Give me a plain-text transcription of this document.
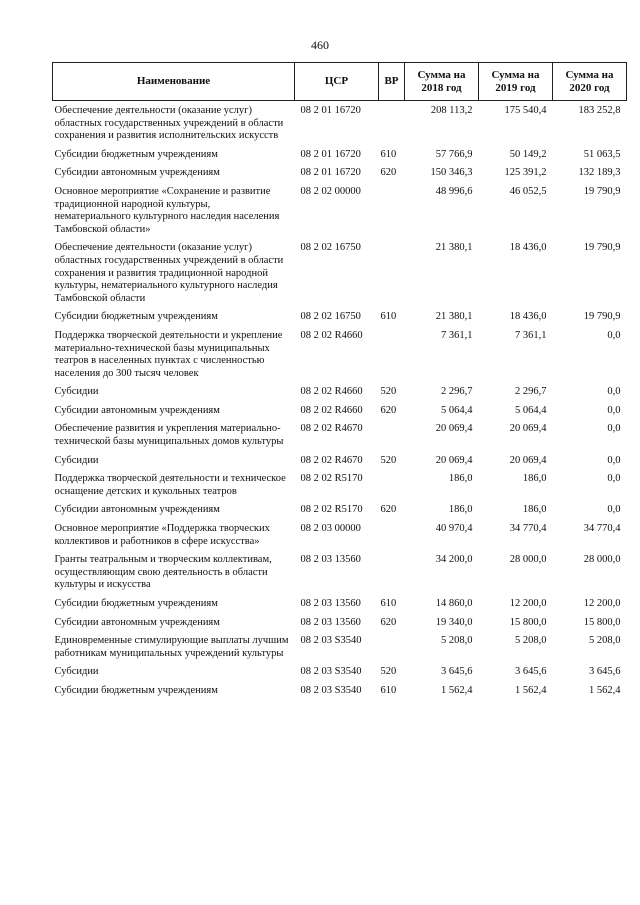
460
Наименование	ЦСР	ВР	Сумма на 2018 год	Сумма на 2019 год	Сумма на 2020 год
Обеспечение деятельности (оказание услуг) областных государственных учреждений в области сохранения и развития исполнительских искусств	08 2 01 16720		208 113,2	175 540,4	183 252,8
Субсидии бюджетным учреждениям	08 2 01 16720	610	57 766,9	50 149,2	51 063,5
Субсидии автономным учреждениям	08 2 01 16720	620	150 346,3	125 391,2	132 189,3
Основное мероприятие «Сохранение и развитие традиционной народной культуры, нематериального культурного наследия населения Тамбовской области»	08 2 02 00000		48 996,6	46 052,5	19 790,9
Обеспечение деятельности (оказание услуг) областных государственных учреждений в области сохранения и развития традиционной народной культуры, нематериального культурного наследия Тамбовской области	08 2 02 16750		21 380,1	18 436,0	19 790,9
Субсидии бюджетным учреждениям	08 2 02 16750	610	21 380,1	18 436,0	19 790,9
Поддержка творческой деятельности и укрепление материально-технической базы муниципальных театров в населенных пунктах с численностью населения до 300 тысяч человек	08 2 02 R4660		7 361,1	7 361,1	0,0
Субсидии	08 2 02 R4660	520	2 296,7	2 296,7	0,0
Субсидии автономным учреждениям	08 2 02 R4660	620	5 064,4	5 064,4	0,0
Обеспечение развития и укрепления материально-технической базы муниципальных домов культуры	08 2 02 R4670		20 069,4	20 069,4	0,0
Субсидии	08 2 02 R4670	520	20 069,4	20 069,4	0,0
Поддержка творческой деятельности и техническое оснащение детских и кукольных театров	08 2 02 R5170		186,0	186,0	0,0
Субсидии автономным учреждениям	08 2 02 R5170	620	186,0	186,0	0,0
Основное мероприятие «Поддержка творческих коллективов и работников в сфере искусства»	08 2 03 00000		40 970,4	34 770,4	34 770,4
Гранты театральным и творческим коллективам, осуществляющим свою деятельность в области культуры и искусства	08 2 03 13560		34 200,0	28 000,0	28 000,0
Субсидии бюджетным учреждениям	08 2 03 13560	610	14 860,0	12 200,0	12 200,0
Субсидии автономным учреждениям	08 2 03 13560	620	19 340,0	15 800,0	15 800,0
Единовременные стимулирующие выплаты лучшим работникам муниципальных учреждений культуры	08 2 03 S3540		5 208,0	5 208,0	5 208,0
Субсидии	08 2 03 S3540	520	3 645,6	3 645,6	3 645,6
Субсидии бюджетным учреждениям	08 2 03 S3540	610	1 562,4	1 562,4	1 562,4
